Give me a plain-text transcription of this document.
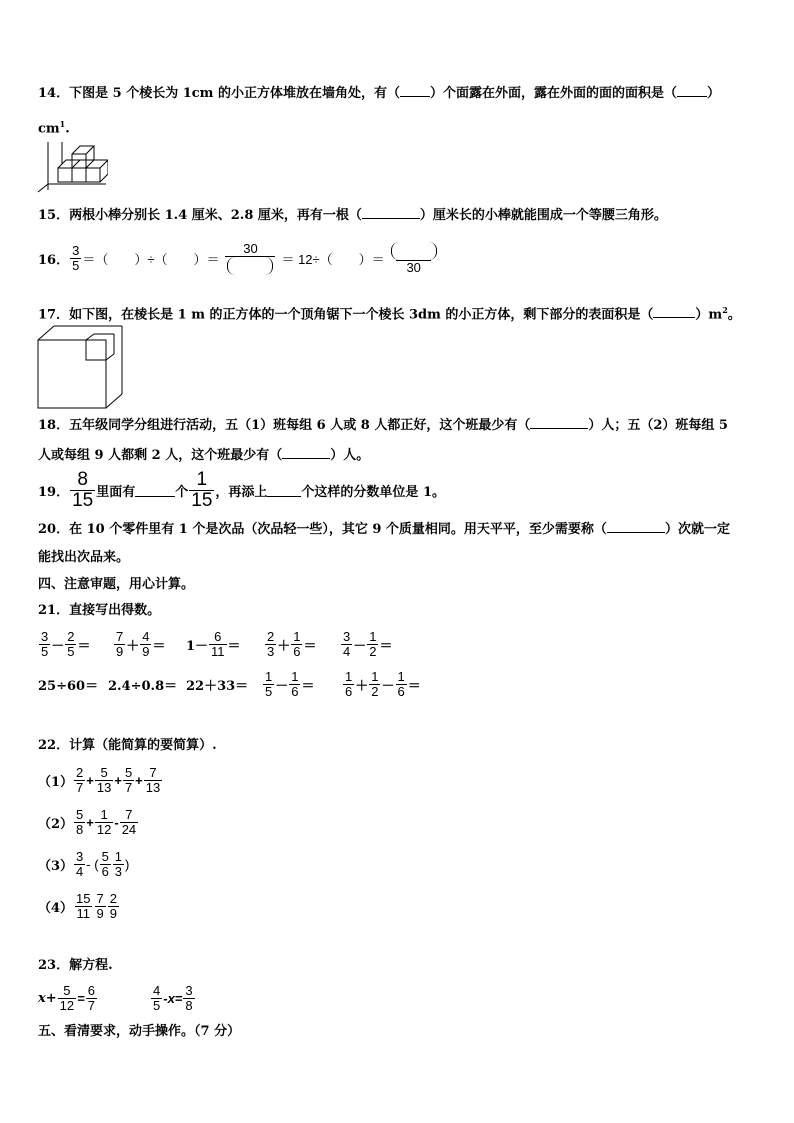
14．下图是 5 个棱长为 1cm 的小正方体堆放在墙角处，有（ ）个面露在外面，露在外面的面的面积是（ ）
$cm^1$.
15．两根小棒分别长 1.4 厘米、2.8 厘米，再有一根（	）厘米长的小棒就能围成一个等腰三角形。
16． $\frac{3}{5}$ ＝（　　）÷（　　）＝
30
＝ 12÷（　　）＝
30
17．如下图，在棱长是 1 m 的正方体的一个顶角锯下一个棱长 3dm 的小正方体，剩下部分的表面积是（	）$m^2$。
18．五年级同学分组进行活动，五（1）班每组 6 人或 8 人都正好，这个班最少有（	）人；五（2）班每组 5
人或每组 9 人都剩 2 人，这个班最少有（	）人。
19． $\frac{8}{15}$ 里面有	个 $\frac{1}{15}$ ，再添上	个这样的分数单位是 1。
20．在 10 个零件里有 1 个是次品（次品轻一些），其它 9 个质量相同。用天平平，至少需要称（	）次就一定
能找出次品来。
四、注意审题，用心计算。
21．直接写出得数。
$\frac{3}{5} - \frac{2}{5} = \frac{7}{9} + \frac{4}{9} = 1- \frac{6}{11} = \frac{2}{3} + \frac{1}{6} = \frac{3}{4} - \frac{1}{2}$ ＝
25÷60＝ 2.4÷0.8＝ 22＋33＝	$\frac{1}{5} - \frac{1}{6} = \frac{1}{6} + \frac{1}{2} - \frac{1}{6}$ ＝
22．计算（能简算的要简算）.
$(1) \frac{2}{7} + \frac{5}{13} + \frac{5}{7} + \frac{7}{13}$
$(2) \frac{5}{8} + \frac{1}{12} - \frac{7}{24}$
$(3) \frac{3}{4}$ - ( $\frac{5}{6} \frac{1}{3}$ )
$(4) \frac{15}{11} \frac{7}{9} \frac{2}{9}$
23．解方程.
$x+ \frac{5}{12} = \frac{6}{7}$	$\frac{4}{5} -x= \frac{3}{8}$
五、看清要求，动手操作。（7 分）
